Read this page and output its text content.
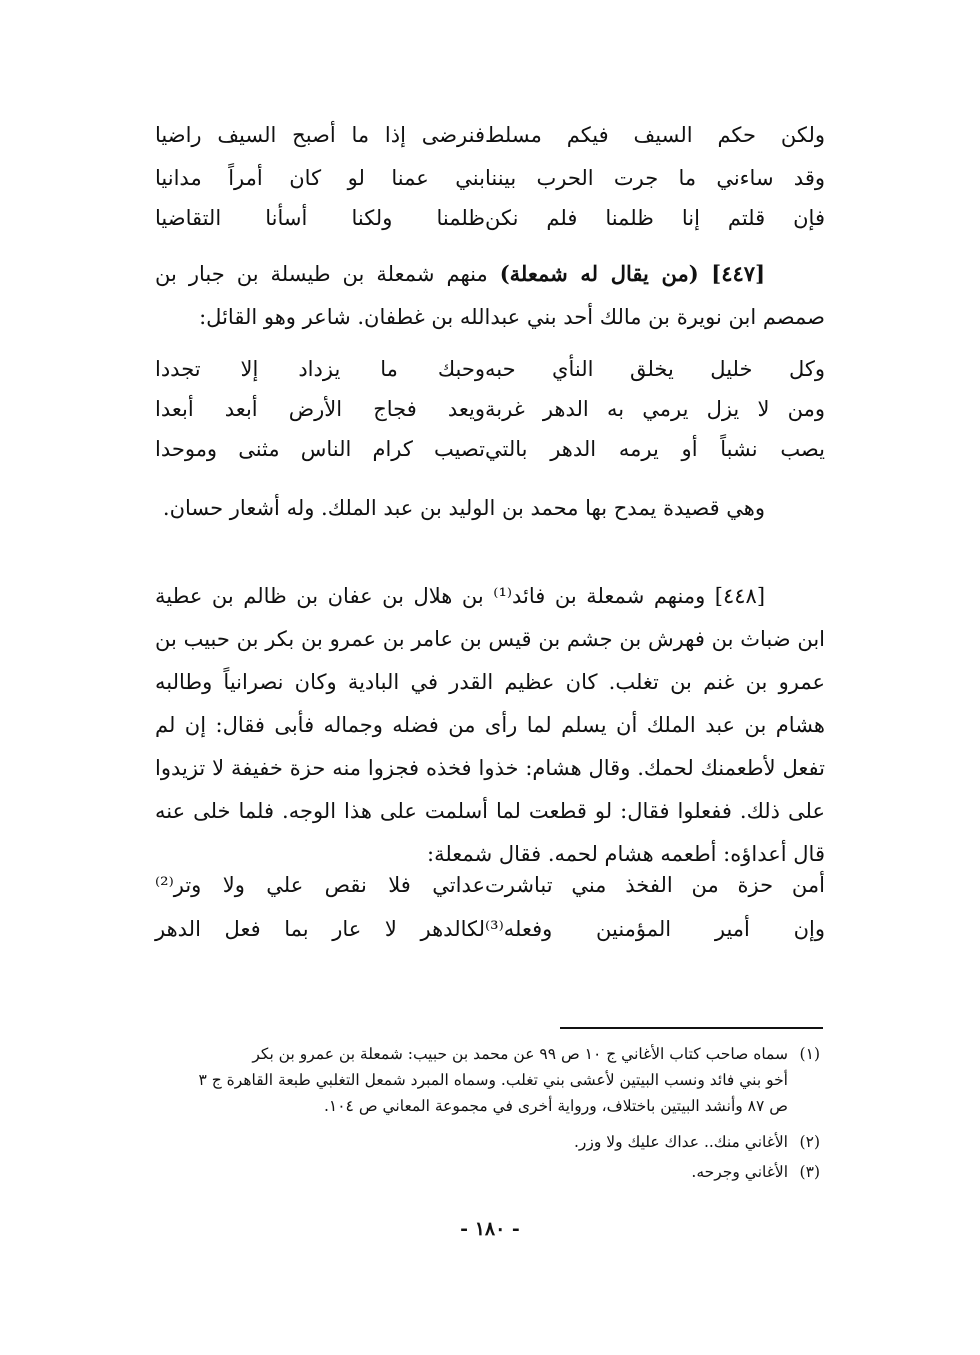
ولكن حكم السيف فيكم مسلط
فنرضى إذا ما أصبح السيف راضيا
وقد ساءني ما جرت الحرب بيننا
بني عمنا لو كان أمراً مدانيا
فإن قلتم إنا ظلمنا فلم نكن
ظلمنا ولكنا أسأنا التقاضيا

[٤٤٧] (من يقال له شمعلة) منهم شمعلة بن طيسلة بن جبار بن صمصم ابن نويرة بن مالك أحد بني عبدالله بن غطفان. شاعر وهو القائل:

وكل خليل يخلق النأي حبه
وحبك ما يزداد إلا تجددا
ومن لا يزل يرمي به الدهر غربة
ويعد فجاج الأرض أبعد أبعدا
يصب نشباً أو يرمه الدهر بالتي
تصيب كرام الناس مثنى وموحدا

وهي قصيدة يمدح بها محمد بن الوليد بن عبد الملك. وله أشعار حسان.

[٤٤٨] ومنهم شمعلة بن فائد⁽¹⁾ بن هلال بن عفان بن ظالم بن عطية ابن ضباث بن فهرش بن جشم بن قيس بن عامر بن عمرو بن بكر بن حبيب بن عمرو بن غنم بن تغلب. كان عظيم القدر في البادية وكان نصرانياً وطالبه هشام بن عبد الملك أن يسلم لما رأى من فضله وجماله فأبى فقال: إن لم تفعل لأطعمنك لحمك. وقال هشام: خذوا فخذه فجزوا منه حزة خفيفة لا تزيدوا على ذلك. ففعلوا فقال: لو قطعت لما أسلمت على هذا الوجه. فلما خلى عنه قال أعداؤه: أطعمه هشام لحمه. فقال شمعلة:

أمن حزة من الفخذ مني تباشرت
عداتي فلا نقص علي ولا وتر⁽²⁾
وإن أمير المؤمنين وفعله⁽³⁾
لكالدهر لا عار بما فعل الدهر
(١)سماه صاحب كتاب الأغاني ج ١٠ ص ٩٩ عن محمد بن حبيب: شمعلة بن عمرو بن بكر
أخو بني فائد ونسب البيتين لأعشى بني تغلب. وسماه المبرد شمعل التغلبي طبعة القاهرة ج ٣
ص ٨٧ وأنشد البيتين باختلاف، ورواية أخرى في مجموعة المعاني ص ١٠٤.
(٢)الأغاني منك.. عداك عليك ولا وزر.
(٣)الأغاني وجرحه.
- ١٨٠ -
